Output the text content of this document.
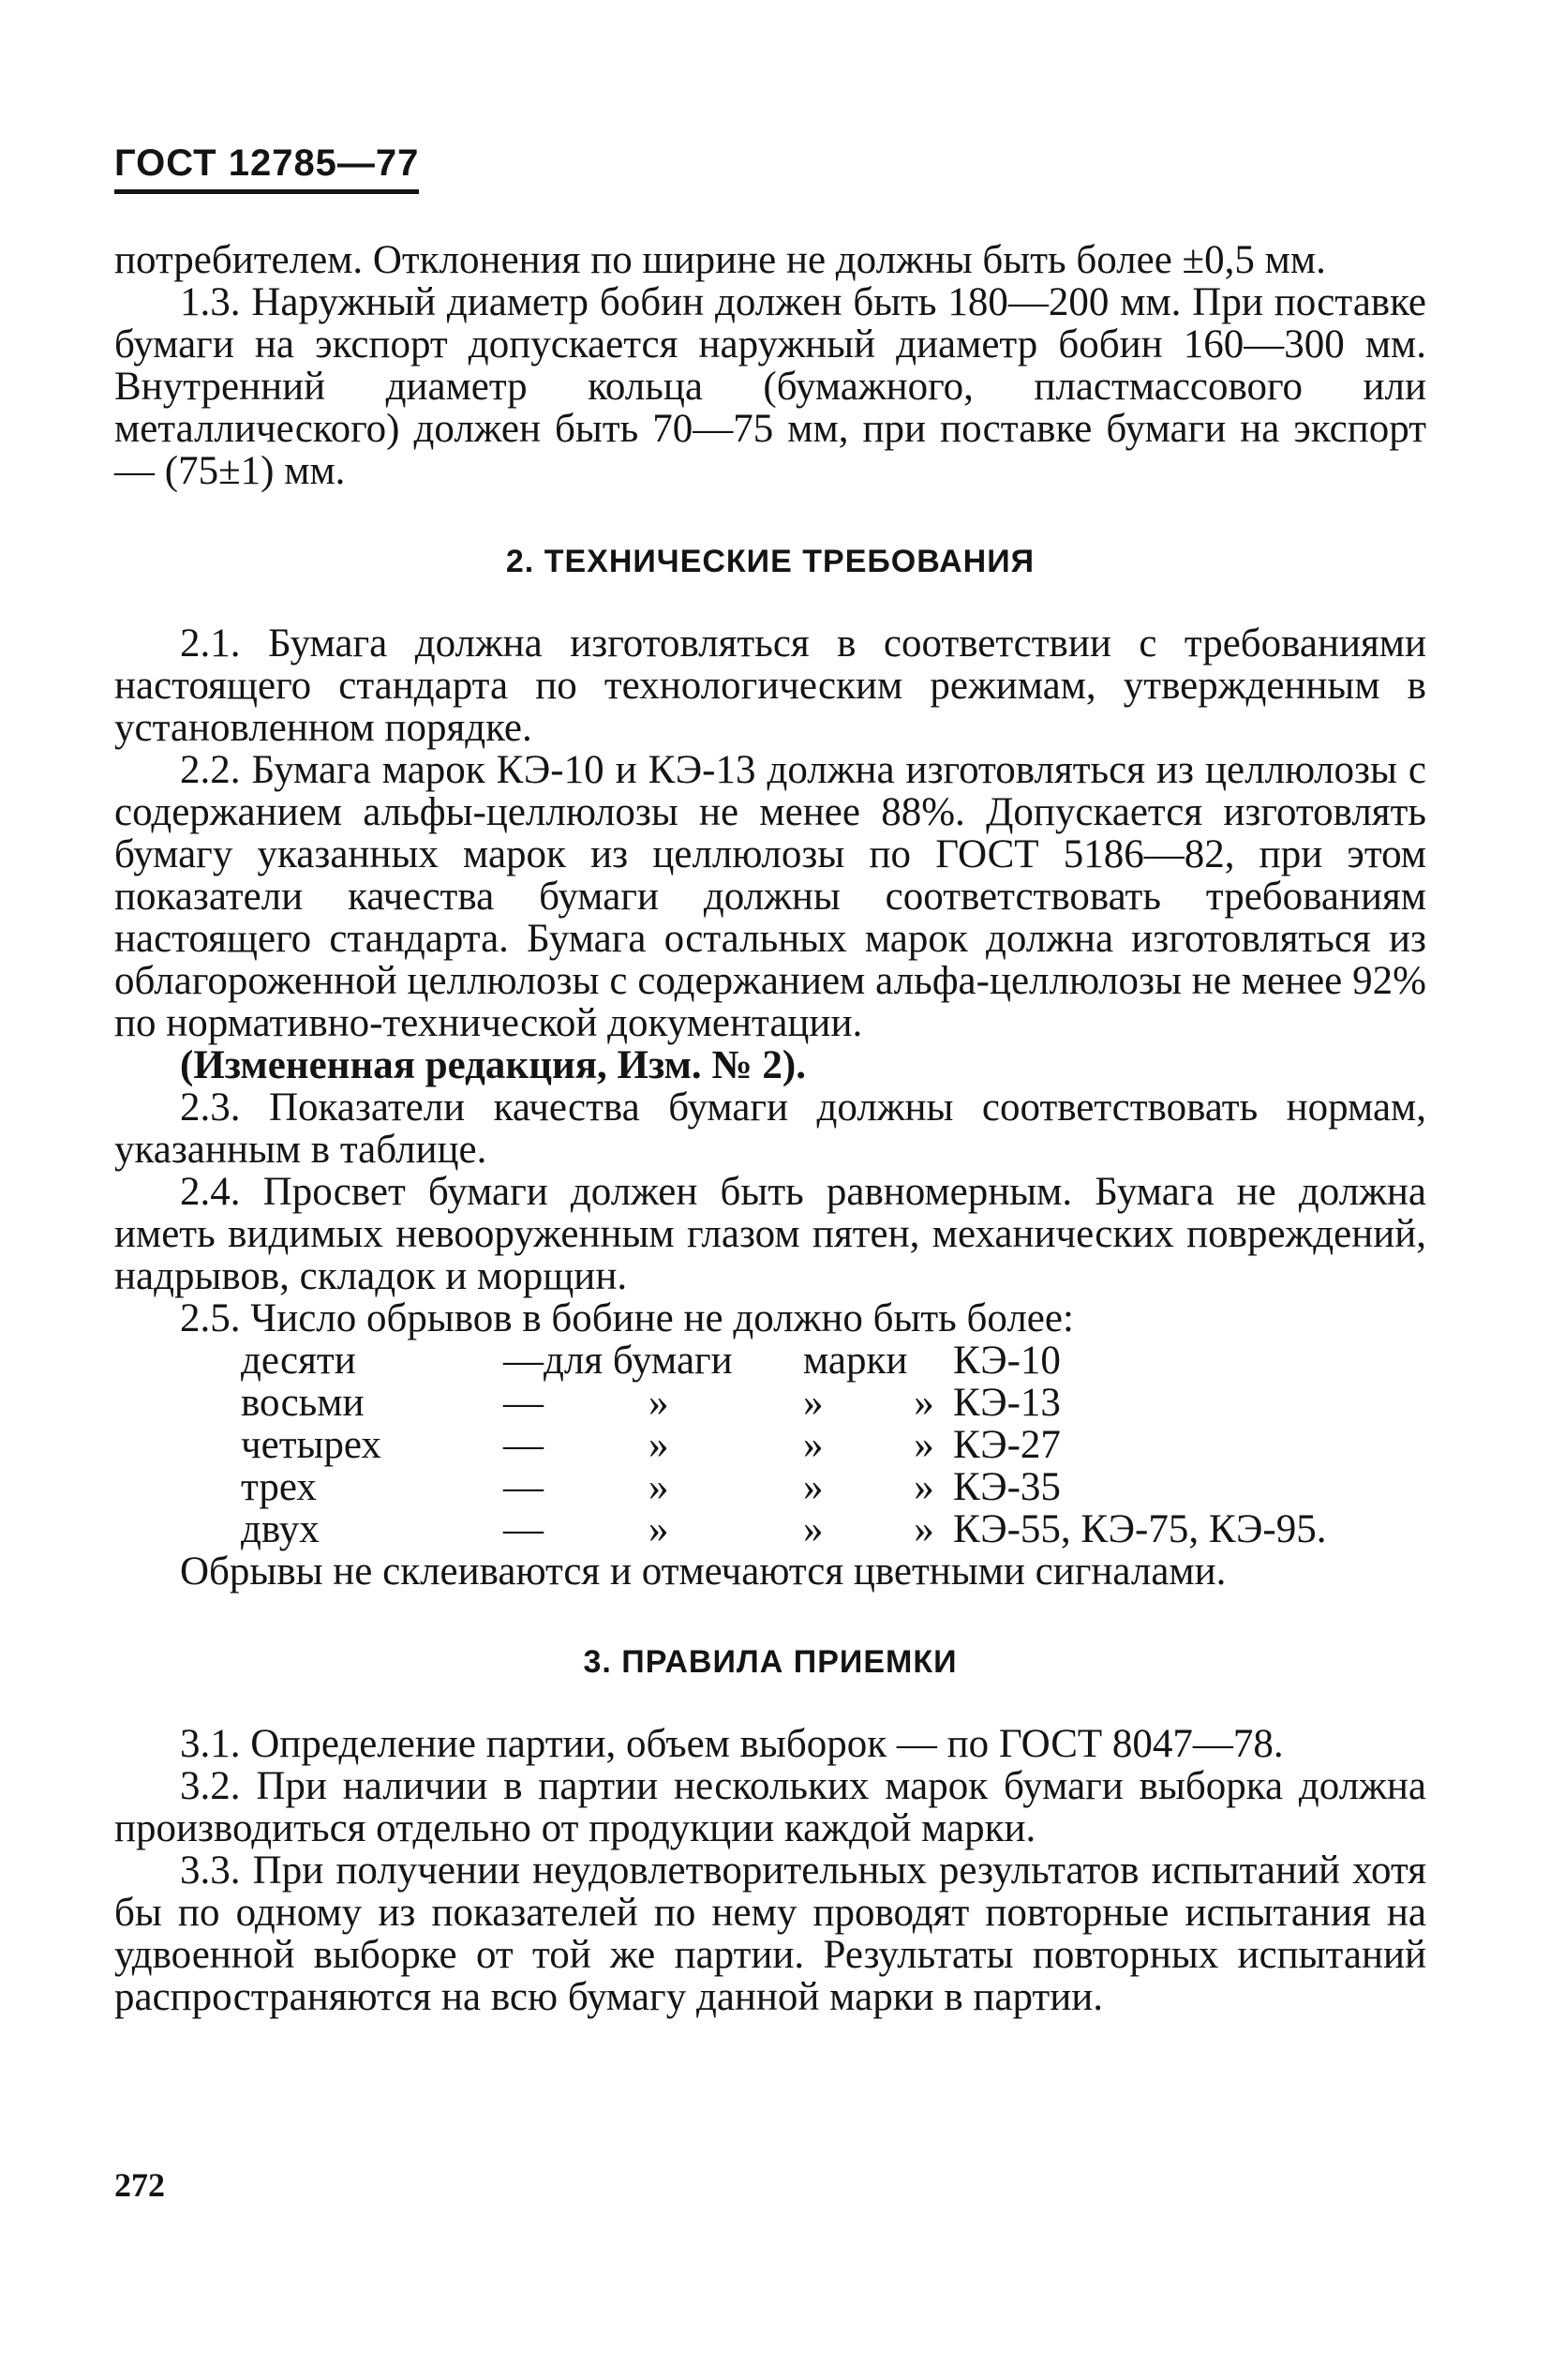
ГОСТ 12785—77

потребителем. Отклонения по ширине не должны быть более ±0,5 мм.

1.3. Наружный диаметр бобин должен быть 180—200 мм. При поставке бумаги на экспорт допускается наружный диаметр бобин 160—300 мм. Внутренний диаметр кольца (бумажного, пластмассового или металлического) должен быть 70—75 мм, при поставке бумаги на экспорт — (75±1) мм.

2. ТЕХНИЧЕСКИЕ ТРЕБОВАНИЯ

2.1. Бумага должна изготовляться в соответствии с требованиями настоящего стандарта по технологическим режимам, утвержденным в установленном порядке.

2.2. Бумага марок КЭ-10 и КЭ-13 должна изготовляться из целлюлозы с содержанием альфы-целлюлозы не менее 88%. Допускается изготовлять бумагу указанных марок из целлюлозы по ГОСТ 5186—82, при этом показатели качества бумаги должны соответствовать требованиям настоящего стандарта. Бумага остальных марок должна изготовляться из облагороженной целлюлозы с содержанием альфа-целлюлозы не менее 92% по нормативно-технической документации.

(Измененная редакция, Изм. № 2).

2.3. Показатели качества бумаги должны соответствовать нормам, указанным в таблице.

2.4. Просвет бумаги должен быть равномерным. Бумага не должна иметь видимых невооруженным глазом пятен, механических повреждений, надрывов, складок и морщин.

2.5. Число обрывов в бобине не должно быть более:

десяти	—для бумаги		марки	КЭ-10
восьми	—	»	» »	КЭ-13
четырех	—	»	» »	КЭ-27
трех	—	»	» »	КЭ-35
двух	—	»	» »	КЭ-55, КЭ-75, КЭ-95.

Обрывы не склеиваются и отмечаются цветными сигналами.

3. ПРАВИЛА ПРИЕМКИ

3.1. Определение партии, объем выборок — по ГОСТ 8047—78.

3.2. При наличии в партии нескольких марок бумаги выборка должна производиться отдельно от продукции каждой марки.

3.3. При получении неудовлетворительных результатов испытаний хотя бы по одному из показателей по нему проводят повторные испытания на удвоенной выборке от той же партии. Результаты повторных испытаний распространяются на всю бумагу данной марки в партии.

272
